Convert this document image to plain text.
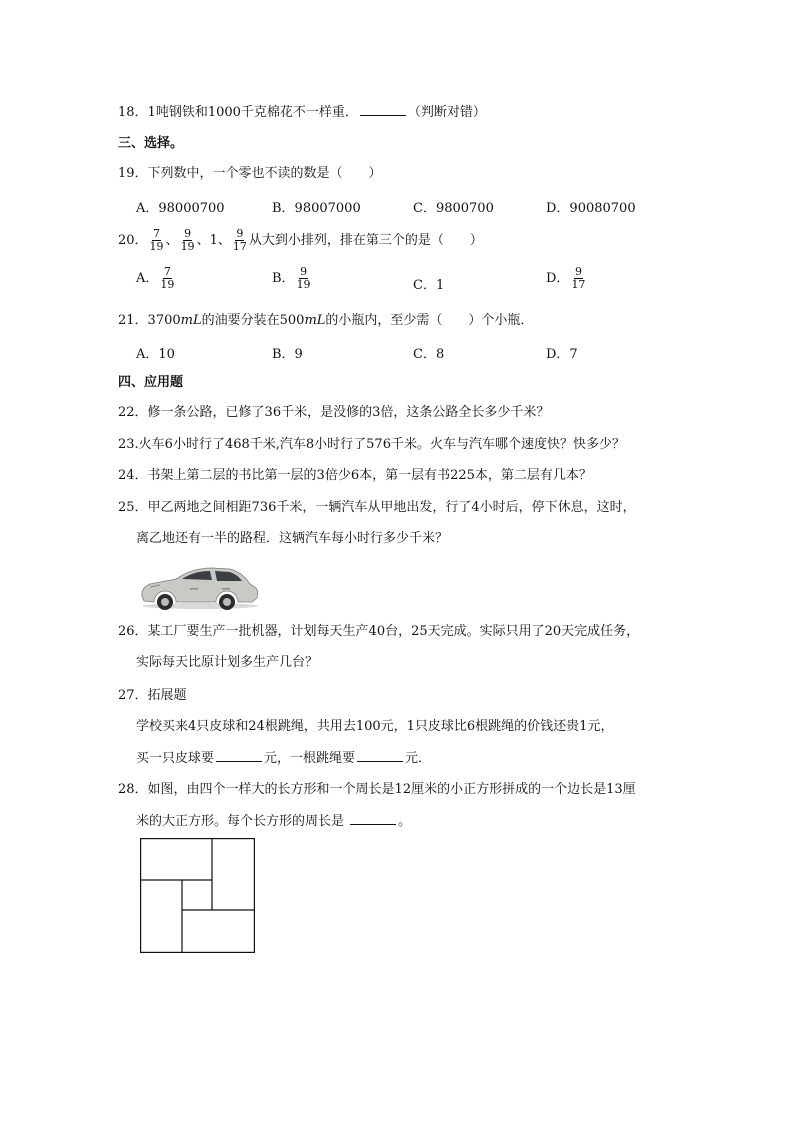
18．1吨钢铁和1000千克棉花不一样重．	（判断对错）
三、选择。
19．下列数中，一个零也不读的数是（　　）
A．98000700	B．98007000	C．9800700	D．90080700
20． $\frac{7}{19}$ 、 $\frac{9}{19}$ 、1、 $\frac{9}{17}$ 从大到小排列，排在第三个的是（　　）
A． $\frac{7}{19}$	B． $\frac{9}{19}$	C．1	D． $\frac{9}{17}$
21．3700mL的油要分装在500mL的小瓶内，至少需（　　）个小瓶．
A．10	B．9	C．8	D．7
四、应用题
22．修一条公路，已修了36千米，是没修的3倍，这条公路全长多少千米？
23.火车6小时行了468千米,汽车8小时行了576千米。火车与汽车哪个速度快？快多少？
24．书架上第二层的书比第一层的3倍少6本，第一层有书225本，第二层有几本？
25．甲乙两地之间相距736千米，一辆汽车从甲地出发，行了4小时后，停下休息，这时，
离乙地还有一半的路程．这辆汽车每小时行多少千米？
26．某工厂要生产一批机器，计划每天生产40台，25天完成。实际只用了20天完成任务，
实际每天比原计划多生产几台？
27．拓展题
学校买来4只皮球和24根跳绳，共用去100元，1只皮球比6根跳绳的价钱还贵1元，
买一只皮球要	元，一根跳绳要	元．
28．如图，由四个一样大的长方形和一个周长是12厘米的小正方形拼成的一个边长是13厘
米的大正方形。每个长方形的周长是	。
